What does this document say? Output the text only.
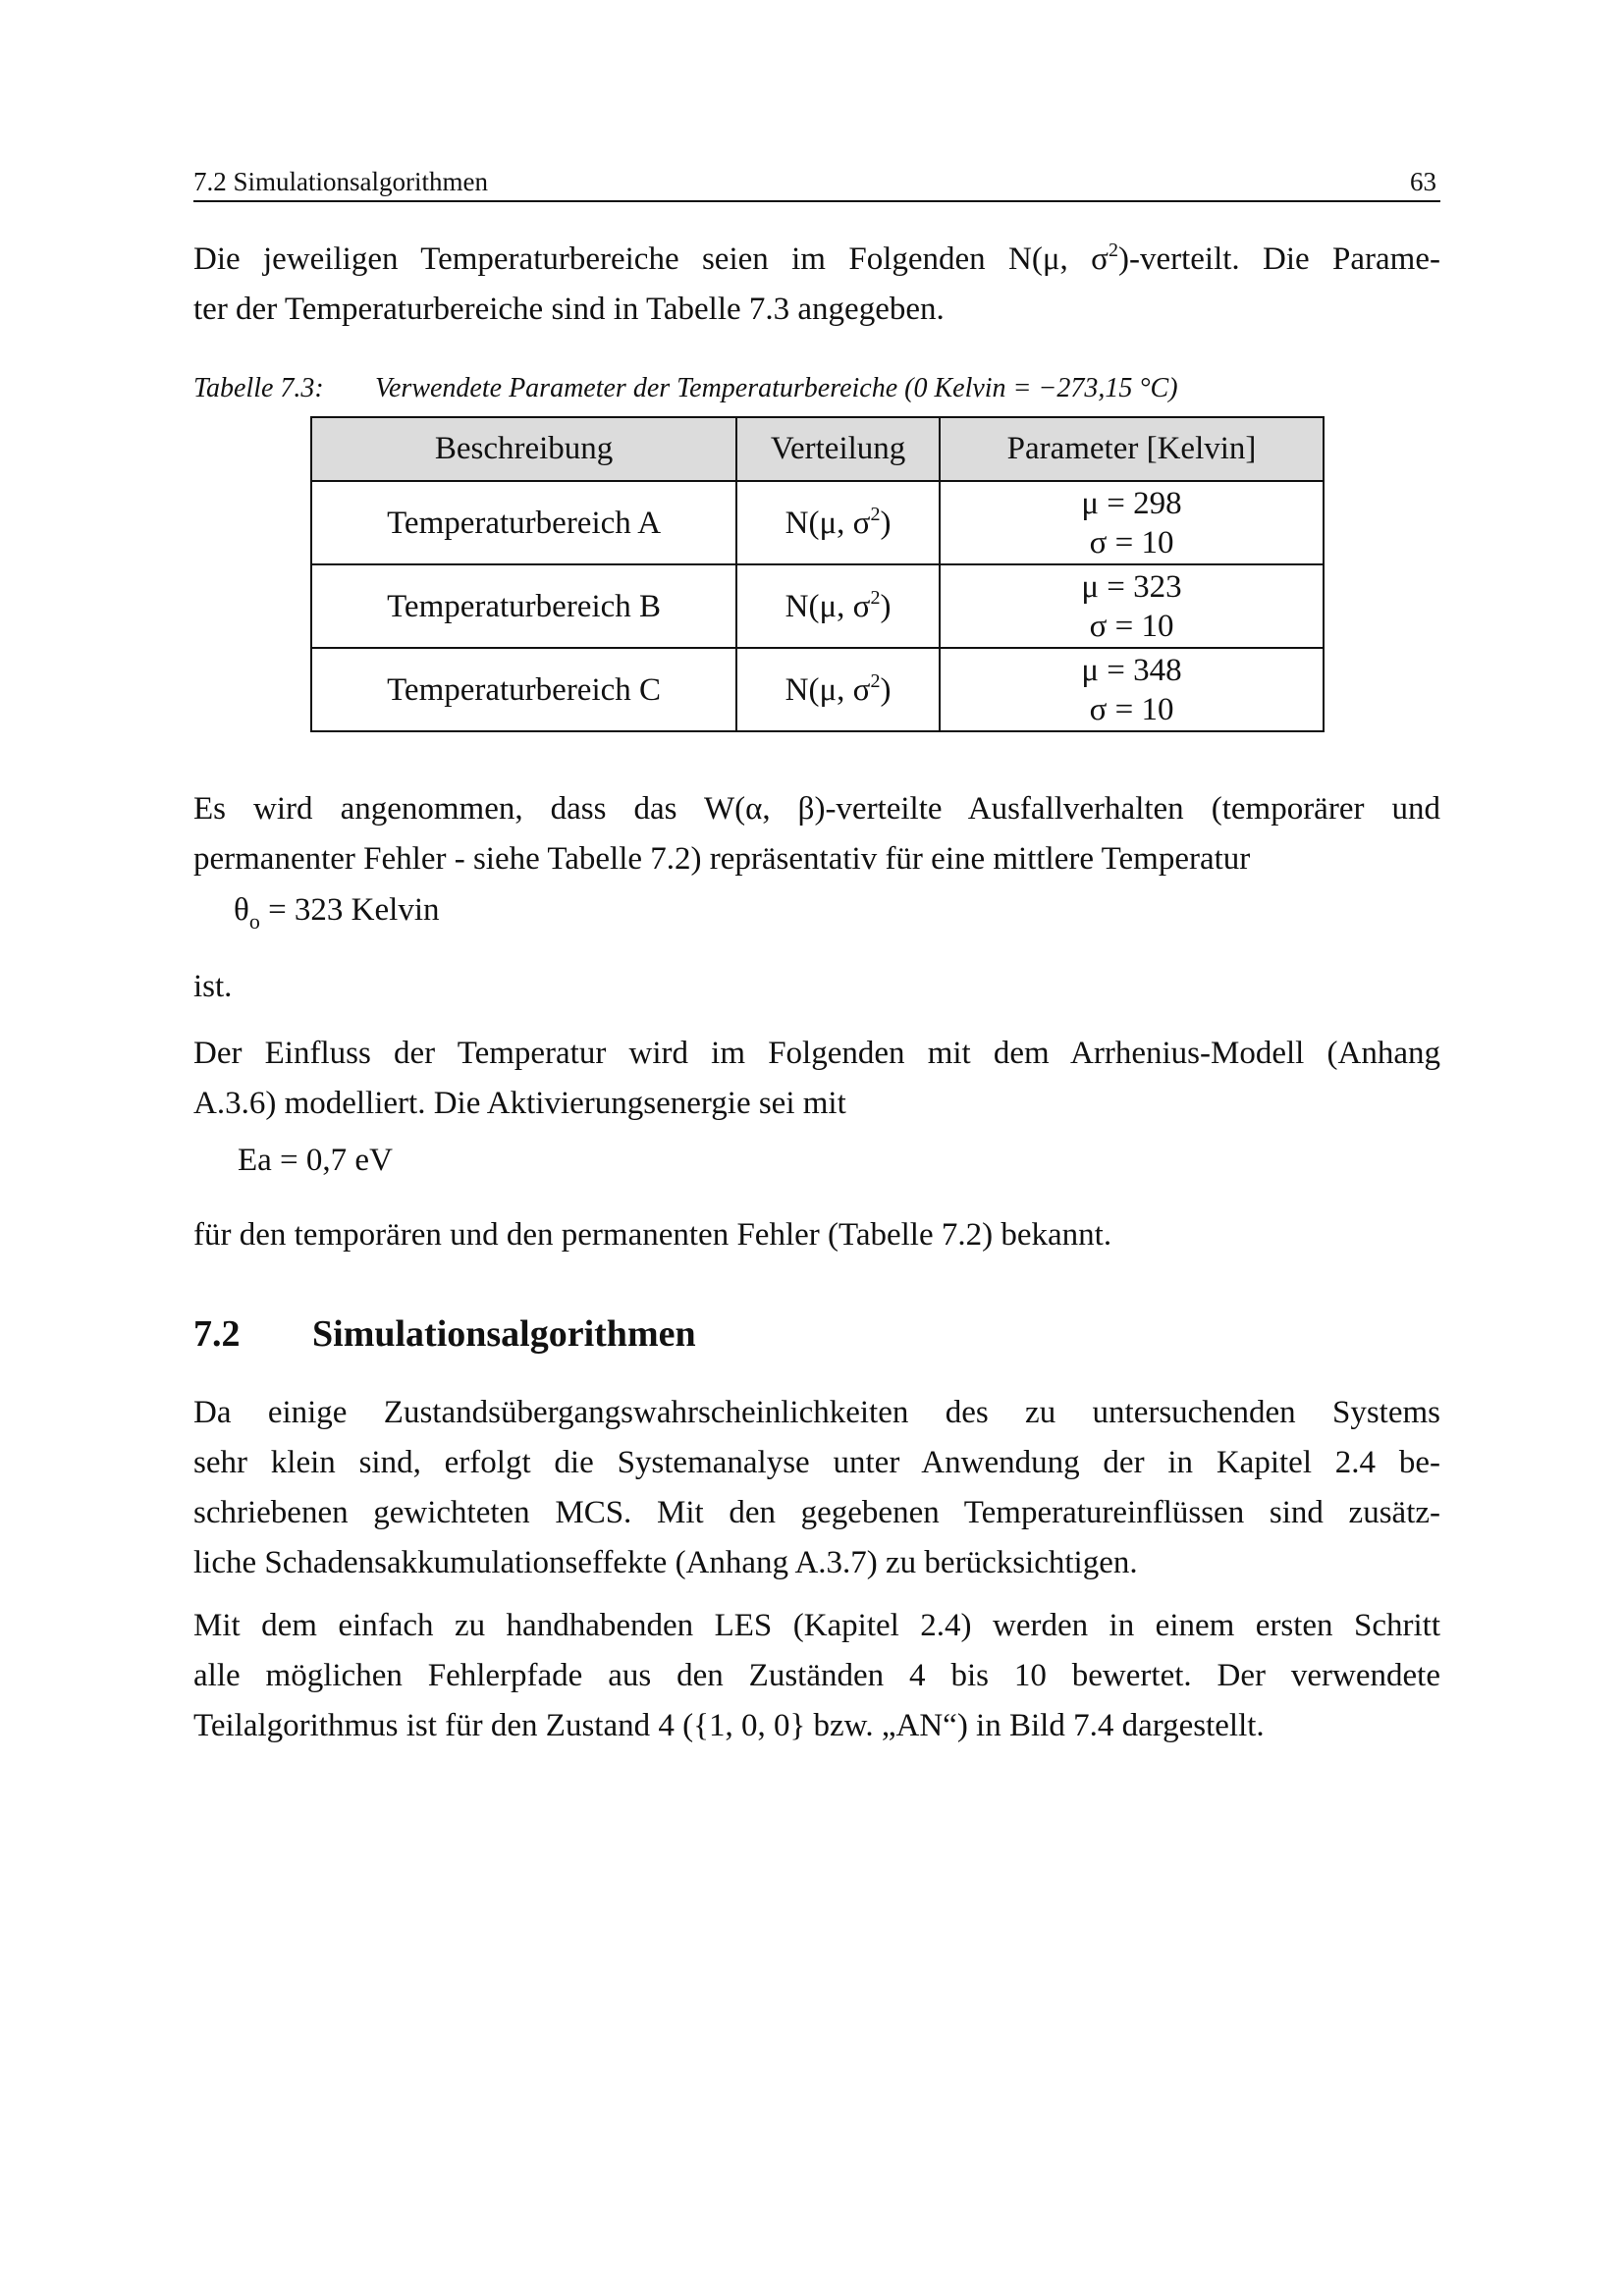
7.2 Simulationsalgorithmen	63

Die jeweiligen Temperaturbereiche seien im Folgenden N(μ, $\sigma^2$)-verteilt. Die Parame-
ter der Temperaturbereiche sind in Tabelle 7.3 angegeben.

Tabelle 7.3: Verwendete Parameter der Temperaturbereiche (0 Kelvin = −273,15 °C)
Beschreibung	Verteilung	Parameter [Kelvin]
Temperaturbereich A	N(μ, $\sigma^2$)	μ = 298
σ = 10

Temperaturbereich B	N(μ, $\sigma^2$)	μ = 323
σ = 10

Temperaturbereich C	N(μ, $\sigma^2$)	μ = 348
σ = 10

Es wird angenommen, dass das W(α, β)-verteilte Ausfallverhalten (temporärer und
permanenter Fehler - siehe Tabelle 7.2) repräsentativ für eine mittlere Temperatur

$\theta_o = 323$ Kelvin
ist.

Der Einfluss der Temperatur wird im Folgenden mit dem Arrhenius-Modell (Anhang
A.3.6) modelliert. Die Aktivierungsenergie sei mit

Ea = 0,7 eV

für den temporären und den permanenten Fehler (Tabelle 7.2) bekannt.

7.2 Simulationsalgorithmen

Da einige Zustandsübergangswahrscheinlichkeiten des zu untersuchenden Systems
sehr klein sind, erfolgt die Systemanalyse unter Anwendung der in Kapitel 2.4 be-
schriebenen gewichteten MCS. Mit den gegebenen Temperatureinflüssen sind zusätz-
liche Schadensakkumulationseffekte (Anhang A.3.7) zu berücksichtigen.

Mit dem einfach zu handhabenden LES (Kapitel 2.4) werden in einem ersten Schritt
alle möglichen Fehlerpfade aus den Zuständen 4 bis 10 bewertet. Der verwendete
Teilalgorithmus ist für den Zustand 4 ({1, 0, 0} bzw. „AN“) in Bild 7.4 dargestellt.
